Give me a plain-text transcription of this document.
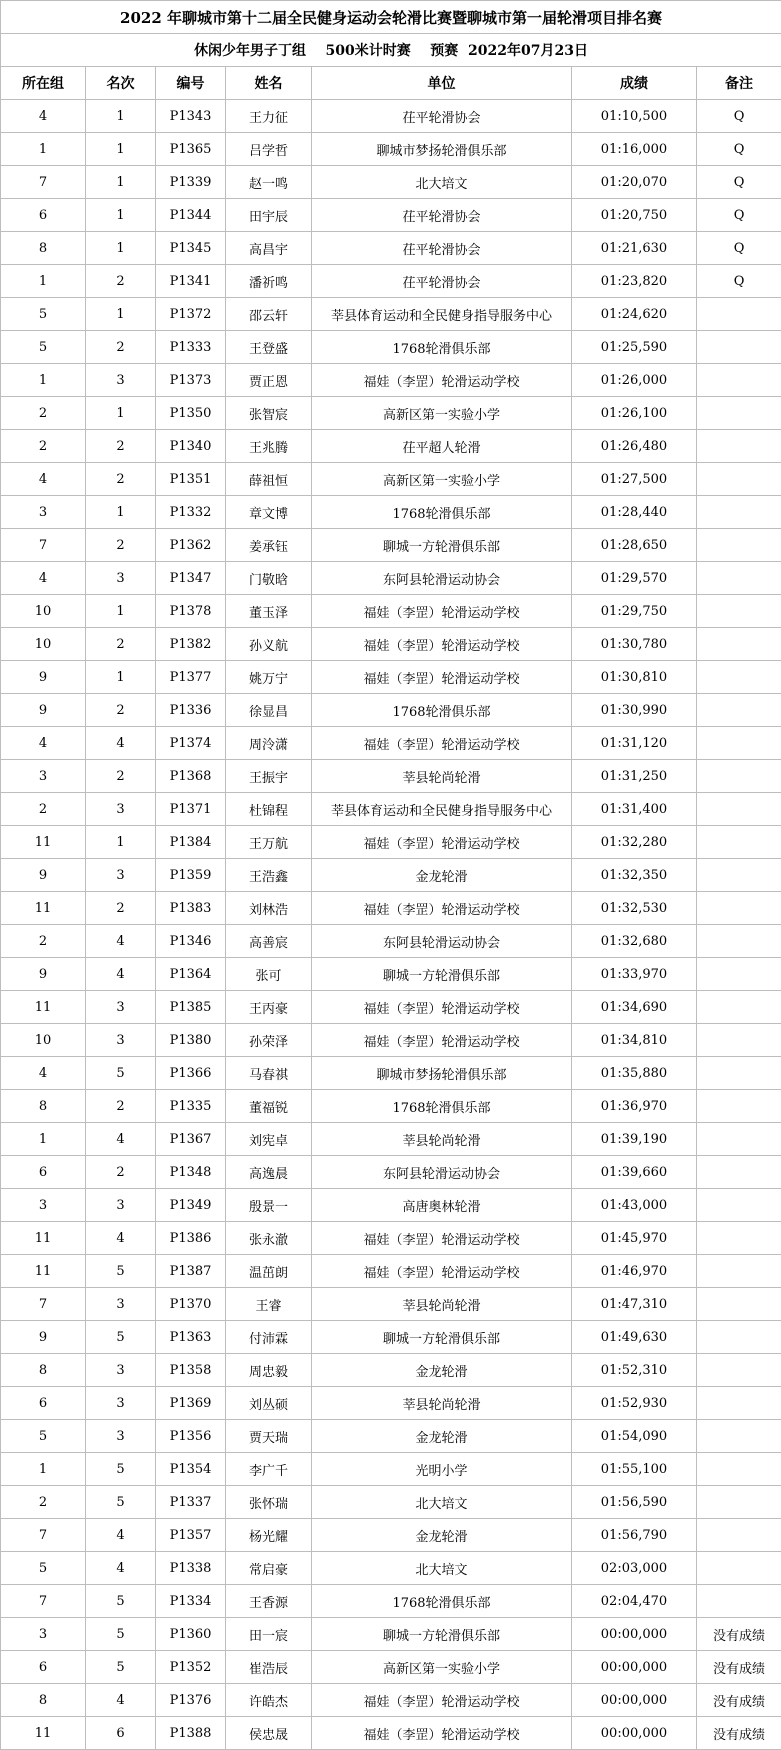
2022 年聊城市第十二届全民健身运动会轮滑比赛暨聊城市第一届轮滑项目排名赛						
休闲少年男子丁组    500米计时赛    预赛  2022年07月23日						
所在组	名次	编号	姓名	单位	成绩	备注
4	1	P1343	王力征	茌平轮滑协会	01:10,500	Q
1	1	P1365	吕学哲	聊城市梦扬轮滑俱乐部	01:16,000	Q
7	1	P1339	赵一鸣	北大培文	01:20,070	Q
6	1	P1344	田宇辰	茌平轮滑协会	01:20,750	Q
8	1	P1345	高昌宇	茌平轮滑协会	01:21,630	Q
1	2	P1341	潘祈鸣	茌平轮滑协会	01:23,820	Q
5	1	P1372	邵云轩	莘县体育运动和全民健身指导服务中心	01:24,620	
5	2	P1333	王登盛	1768轮滑俱乐部	01:25,590	
1	3	P1373	贾正恩	福娃（李罡）轮滑运动学校	01:26,000	
2	1	P1350	张智宸	高新区第一实验小学	01:26,100	
2	2	P1340	王兆腾	茌平超人轮滑	01:26,480	
4	2	P1351	薛祖恒	高新区第一实验小学	01:27,500	
3	1	P1332	章文博	1768轮滑俱乐部	01:28,440	
7	2	P1362	姜承钰	聊城一方轮滑俱乐部	01:28,650	
4	3	P1347	门敬晗	东阿县轮滑运动协会	01:29,570	
10	1	P1378	董玉泽	福娃（李罡）轮滑运动学校	01:29,750	
10	2	P1382	孙义航	福娃（李罡）轮滑运动学校	01:30,780	
9	1	P1377	姚万宁	福娃（李罡）轮滑运动学校	01:30,810	
9	2	P1336	徐显昌	1768轮滑俱乐部	01:30,990	
4	4	P1374	周泠潇	福娃（李罡）轮滑运动学校	01:31,120	
3	2	P1368	王振宇	莘县轮尚轮滑	01:31,250	
2	3	P1371	杜锦程	莘县体育运动和全民健身指导服务中心	01:31,400	
11	1	P1384	王万航	福娃（李罡）轮滑运动学校	01:32,280	
9	3	P1359	王浩鑫	金龙轮滑	01:32,350	
11	2	P1383	刘林浩	福娃（李罡）轮滑运动学校	01:32,530	
2	4	P1346	高善宸	东阿县轮滑运动协会	01:32,680	
9	4	P1364	张可	聊城一方轮滑俱乐部	01:33,970	
11	3	P1385	王丙豪	福娃（李罡）轮滑运动学校	01:34,690	
10	3	P1380	孙荣泽	福娃（李罡）轮滑运动学校	01:34,810	
4	5	P1366	马春祺	聊城市梦扬轮滑俱乐部	01:35,880	
8	2	P1335	董福锐	1768轮滑俱乐部	01:36,970	
1	4	P1367	刘宪卓	莘县轮尚轮滑	01:39,190	
6	2	P1348	高逸晨	东阿县轮滑运动协会	01:39,660	
3	3	P1349	殷景一	高唐奥林轮滑	01:43,000	
11	4	P1386	张永澈	福娃（李罡）轮滑运动学校	01:45,970	
11	5	P1387	温茁朗	福娃（李罡）轮滑运动学校	01:46,970	
7	3	P1370	王睿	莘县轮尚轮滑	01:47,310	
9	5	P1363	付沛霖	聊城一方轮滑俱乐部	01:49,630	
8	3	P1358	周忠毅	金龙轮滑	01:52,310	
6	3	P1369	刘丛硕	莘县轮尚轮滑	01:52,930	
5	3	P1356	贾天瑞	金龙轮滑	01:54,090	
1	5	P1354	李广千	光明小学	01:55,100	
2	5	P1337	张怀瑞	北大培文	01:56,590	
7	4	P1357	杨光耀	金龙轮滑	01:56,790	
5	4	P1338	常启豪	北大培文	02:03,000	
7	5	P1334	王香源	1768轮滑俱乐部	02:04,470	
3	5	P1360	田一宸	聊城一方轮滑俱乐部	00:00,000	没有成绩
6	5	P1352	崔浩辰	高新区第一实验小学	00:00,000	没有成绩
8	4	P1376	许皓杰	福娃（李罡）轮滑运动学校	00:00,000	没有成绩
11	6	P1388	侯忠晟	福娃（李罡）轮滑运动学校	00:00,000	没有成绩
